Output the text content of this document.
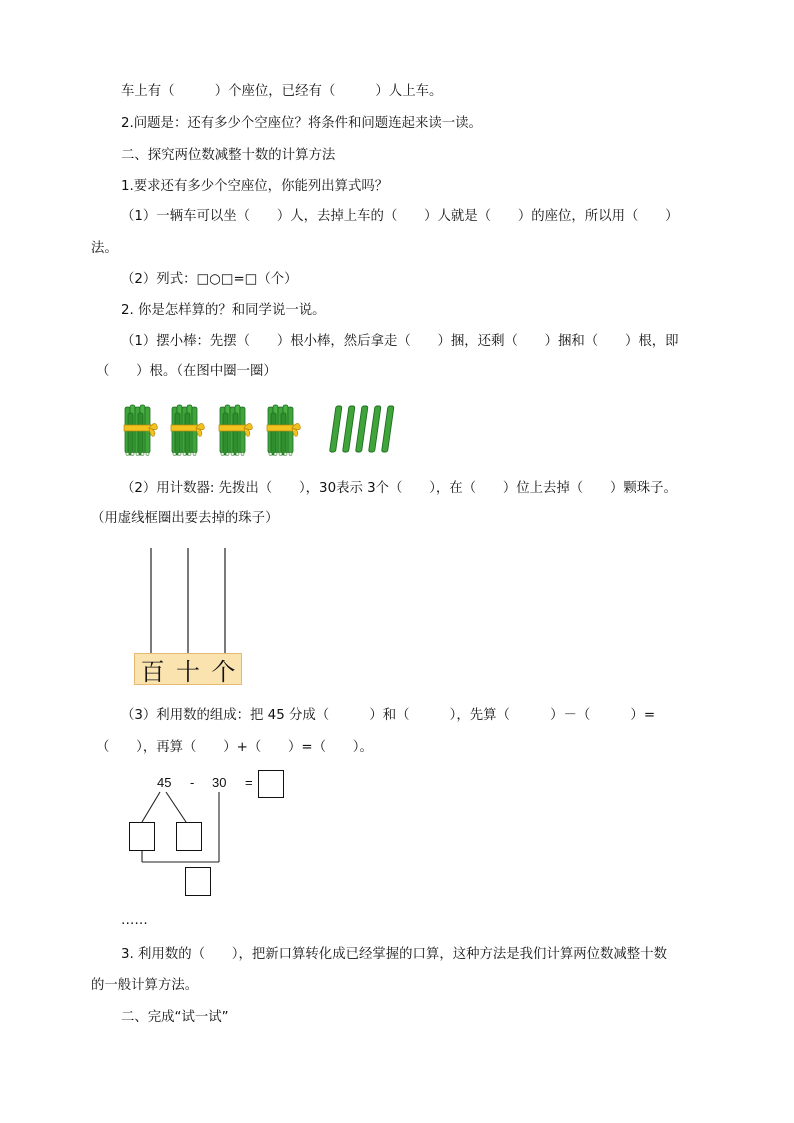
车上有（　　　）个座位，已经有（　　　）人上车。
2.问题是：还有多少个空座位？将条件和问题连起来读一读。
二、探究两位数减整十数的计算方法
1.要求还有多少个空座位，你能列出算式吗？
（1）一辆车可以坐（　　）人，去掉上车的（　　）人就是（　　）的座位，所以用（　　）
法。
（2）列式：□○□=□（个）
2. 你是怎样算的？和同学说一说。
（1）摆小棒：先摆（　　）根小棒，然后拿走（　　）捆，还剩（　　）捆和（　　）根，即
（　　）根。（在图中圈一圈）
（2）用计数器: 先拨出（　　），30表示 3个（　　），在（　　）位上去掉（　　）颗珠子。
（用虚线框圈出要去掉的珠子）
百 十 个
（3）利用数的组成：把 45 分成（　　　）和（　　　），先算（　　　）－（　　　）=
（　　），再算（　　）+（　　）=（　　）。
45 - 30 =
……
3. 利用数的（　　），把新口算转化成已经掌握的口算，这种方法是我们计算两位数减整十数
的一般计算方法。
二、完成“试一试”
